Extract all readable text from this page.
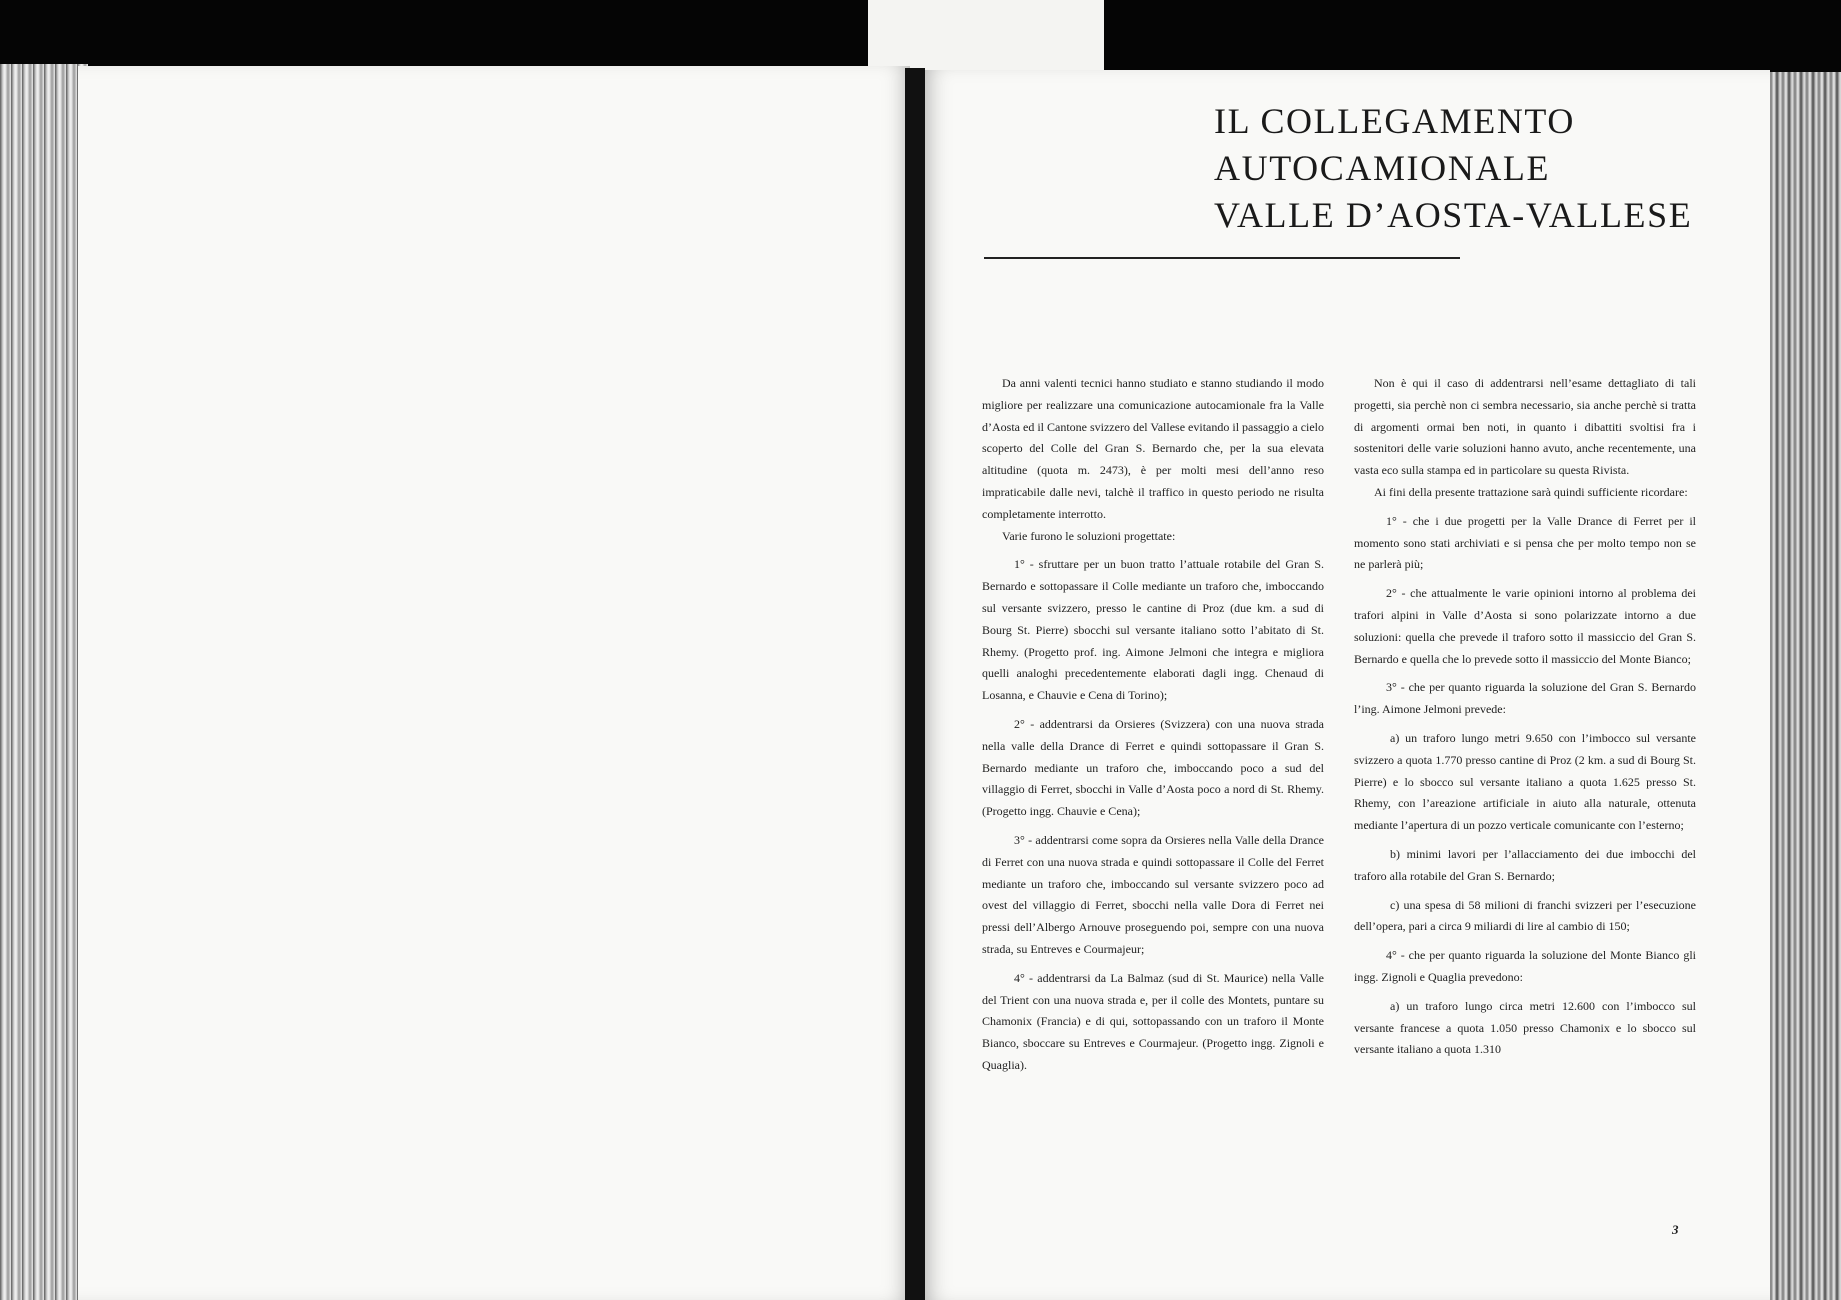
IL COLLEGAMENTO
AUTOCAMIONALE
VALLE D’AOSTA-VALLESE

Da anni valenti tecnici hanno studiato e stanno studiando il modo migliore per realizzare una comunicazione autocamionale fra la Valle d’Aosta ed il Cantone svizzero del Vallese evitando il passaggio a cielo scoperto del Colle del Gran S. Bernardo che, per la sua elevata altitudine (quota m. 2473), è per molti mesi dell’anno reso impraticabile dalle nevi, talchè il traffico in questo periodo ne risulta completamente interrotto.

Varie furono le soluzioni progettate:

1° - sfruttare per un buon tratto l’attuale rotabile del Gran S. Bernardo e sottopassare il Colle mediante un traforo che, imboccando sul versante svizzero, presso le cantine di Proz (due km. a sud di Bourg St. Pierre) sbocchi sul versante italiano sotto l’abitato di St. Rhemy. (Progetto prof. ing. Aimone Jelmoni che integra e migliora quelli analoghi precedentemente elaborati dagli ingg. Chenaud di Losanna, e Chauvie e Cena di Torino);

2° - addentrarsi da Orsieres (Svizzera) con una nuova strada nella valle della Drance di Ferret e quindi sottopassare il Gran S. Bernardo mediante un traforo che, imboccando poco a sud del villaggio di Ferret, sbocchi in Valle d’Aosta poco a nord di St. Rhemy. (Progetto ingg. Chauvie e Cena);

3° - addentrarsi come sopra da Orsieres nella Valle della Drance di Ferret con una nuova strada e quindi sottopassare il Colle del Ferret mediante un traforo che, imboccando sul versante svizzero poco ad ovest del villaggio di Ferret, sbocchi nella valle Dora di Ferret nei pressi dell’Albergo Arnouve proseguendo poi, sempre con una nuova strada, su Entreves e Courmajeur;

4° - addentrarsi da La Balmaz (sud di St. Maurice) nella Valle del Trient con una nuova strada e, per il colle des Montets, puntare su Chamonix (Francia) e di qui, sottopassando con un traforo il Monte Bianco, sboccare su Entreves e Courmajeur. (Progetto ingg. Zignoli e Quaglia).

Non è qui il caso di addentrarsi nell’esame dettagliato di tali progetti, sia perchè non ci sembra necessario, sia anche perchè si tratta di argomenti ormai ben noti, in quanto i dibattiti svoltisi fra i sostenitori delle varie soluzioni hanno avuto, anche recentemente, una vasta eco sulla stampa ed in particolare su questa Rivista.

Ai fini della presente trattazione sarà quindi sufficiente ricordare:

1° - che i due progetti per la Valle Drance di Ferret per il momento sono stati archiviati e si pensa che per molto tempo non se ne parlerà più;

2° - che attualmente le varie opinioni intorno al problema dei trafori alpini in Valle d’Aosta si sono polarizzate intorno a due soluzioni: quella che prevede il traforo sotto il massiccio del Gran S. Bernardo e quella che lo prevede sotto il massiccio del Monte Bianco;

3° - che per quanto riguarda la soluzione del Gran S. Bernardo l’ing. Aimone Jelmoni prevede:

a) un traforo lungo metri 9.650 con l’imbocco sul versante svizzero a quota 1.770 presso cantine di Proz (2 km. a sud di Bourg St. Pierre) e lo sbocco sul versante italiano a quota 1.625 presso St. Rhemy, con l’areazione artificiale in aiuto alla naturale, ottenuta mediante l’apertura di un pozzo verticale comunicante con l’esterno;

b) minimi lavori per l’allacciamento dei due imbocchi del traforo alla rotabile del Gran S. Bernardo;

c) una spesa di 58 milioni di franchi svizzeri per l’esecuzione dell’opera, pari a circa 9 miliardi di lire al cambio di 150;

4° - che per quanto riguarda la soluzione del Monte Bianco gli ingg. Zignoli e Quaglia prevedono:

a) un traforo lungo circa metri 12.600 con l’imbocco sul versante francese a quota 1.050 presso Chamonix e lo sbocco sul versante italiano a quota 1.310

3
